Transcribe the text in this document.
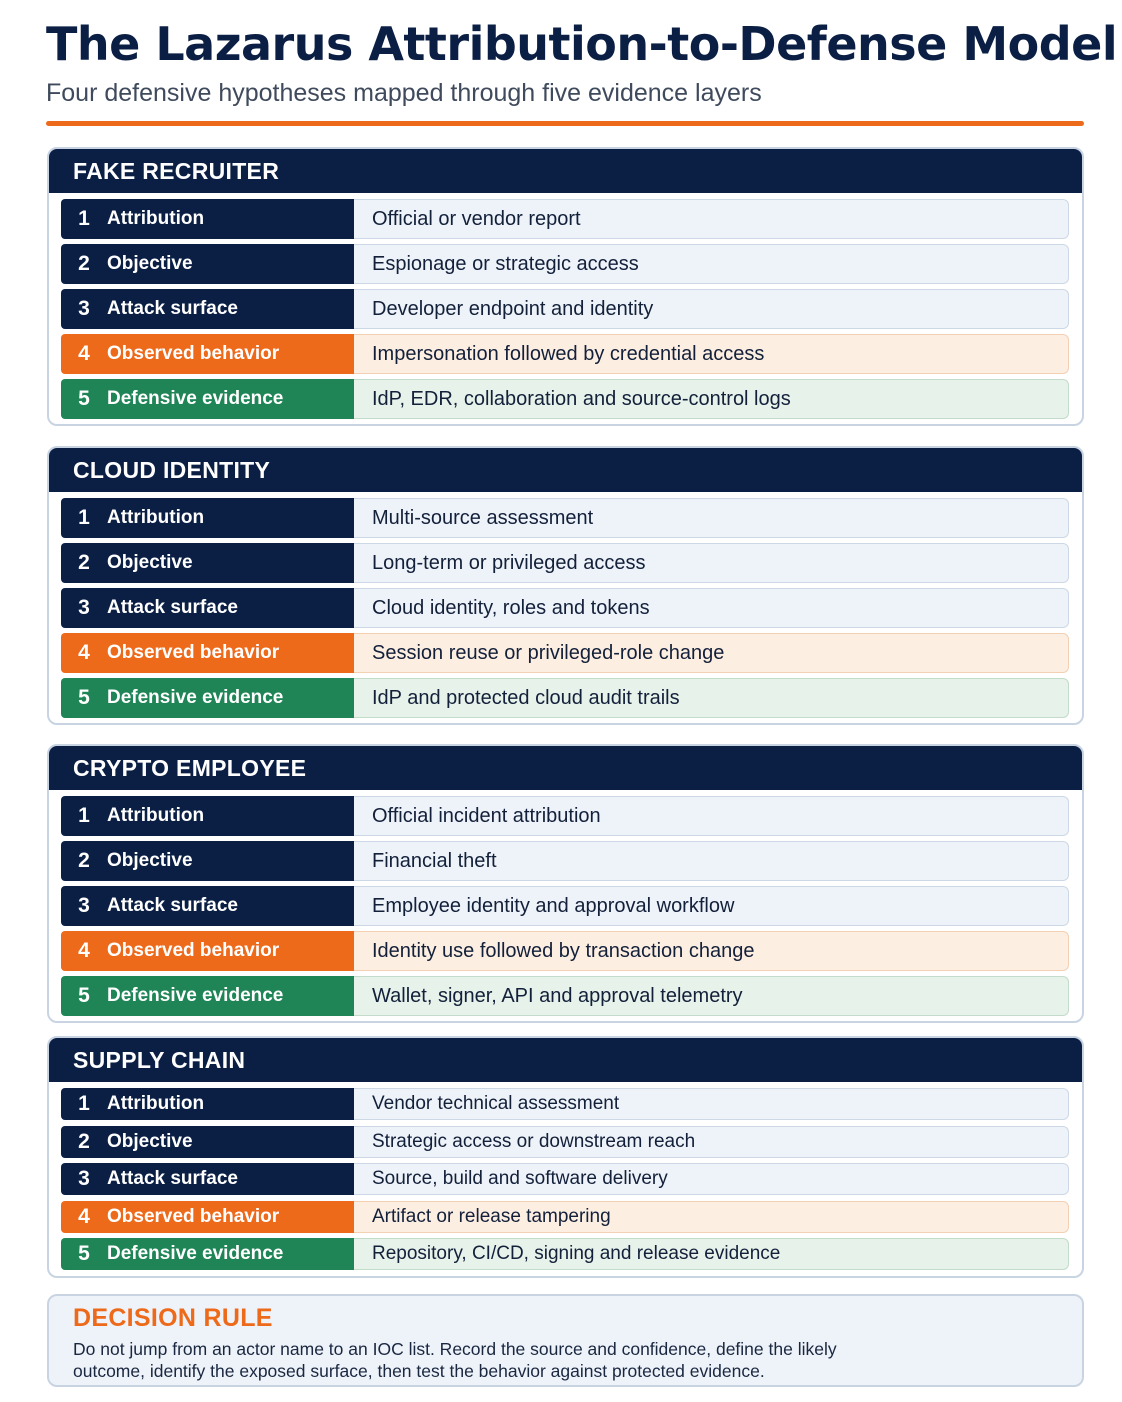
The Lazarus Attribution-to-Defense Model

Four defensive hypotheses mapped through five evidence layers

FAKE RECRUITER
1 Attribution	Official or vendor report
2 Objective	Espionage or strategic access
3 Attack surface	Developer endpoint and identity
4 Observed behavior	Impersonation followed by credential access
5 Defensive evidence	IdP, EDR, collaboration and source-control logs
CLOUD IDENTITY
1 Attribution	Multi-source assessment
2 Objective	Long-term or privileged access
3 Attack surface	Cloud identity, roles and tokens
4 Observed behavior	Session reuse or privileged-role change
5 Defensive evidence	IdP and protected cloud audit trails
CRYPTO EMPLOYEE
1 Attribution	Official incident attribution
2 Objective	Financial theft
3 Attack surface	Employee identity and approval workflow
4 Observed behavior	Identity use followed by transaction change
5 Defensive evidence	Wallet, signer, API and approval telemetry
SUPPLY CHAIN
1 Attribution	Vendor technical assessment
2 Objective	Strategic access or downstream reach
3 Attack surface	Source, build and software delivery
4 Observed behavior	Artifact or release tampering
5 Defensive evidence	Repository, CI/CD, signing and release evidence
DECISION RULE

Do not jump from an actor name to an IOC list. Record the source and confidence, define the likely outcome, identify the exposed surface, then test the behavior against protected evidence.
